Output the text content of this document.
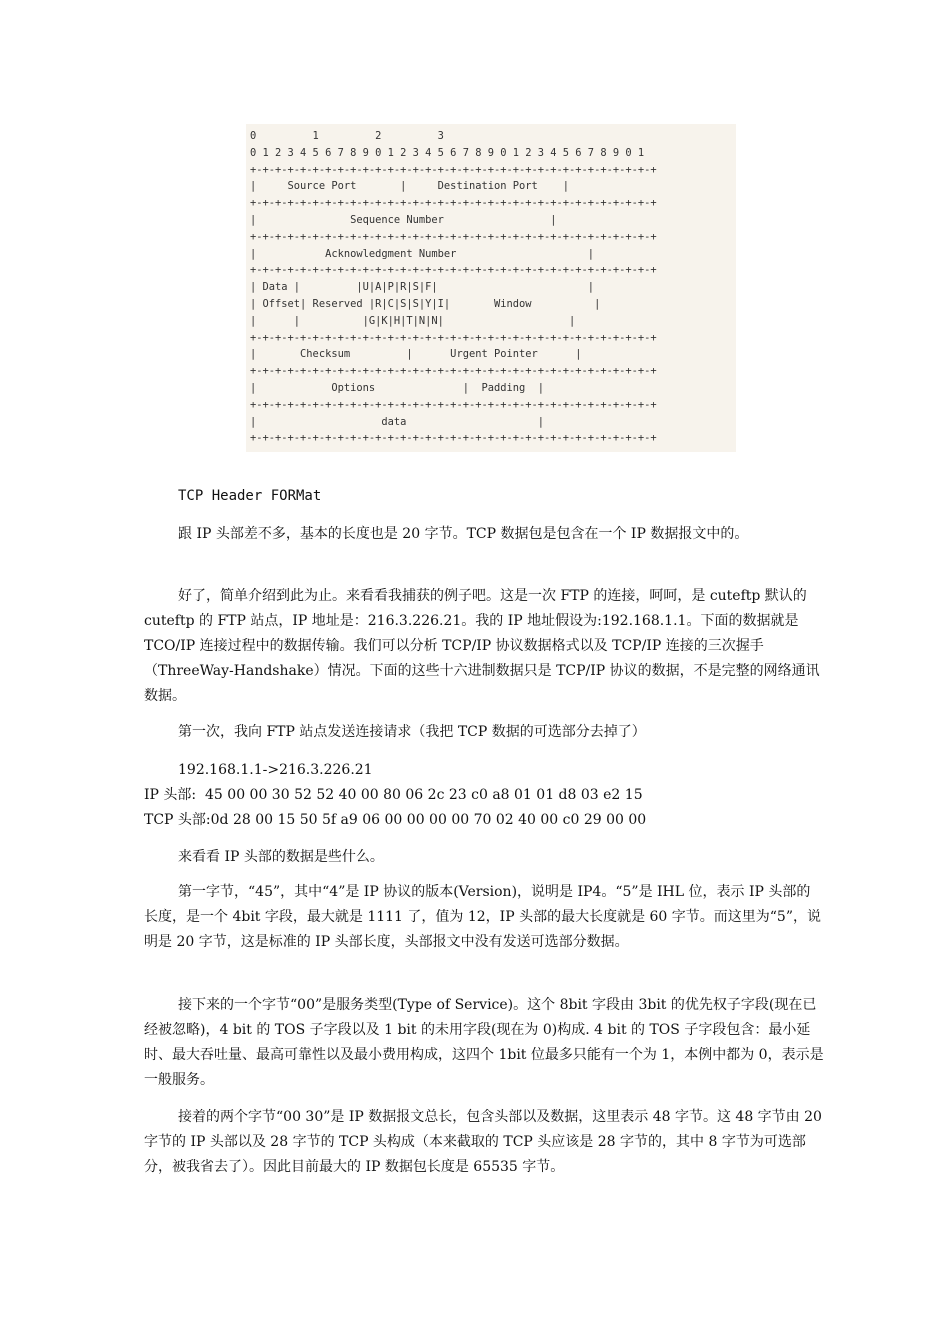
0         1         2         3
0 1 2 3 4 5 6 7 8 9 0 1 2 3 4 5 6 7 8 9 0 1 2 3 4 5 6 7 8 9 0 1
+-+-+-+-+-+-+-+-+-+-+-+-+-+-+-+-+-+-+-+-+-+-+-+-+-+-+-+-+-+-+-+-+
|     Source Port       |     Destination Port    |
+-+-+-+-+-+-+-+-+-+-+-+-+-+-+-+-+-+-+-+-+-+-+-+-+-+-+-+-+-+-+-+-+
|               Sequence Number                 |
+-+-+-+-+-+-+-+-+-+-+-+-+-+-+-+-+-+-+-+-+-+-+-+-+-+-+-+-+-+-+-+-+
|           Acknowledgment Number                     |
+-+-+-+-+-+-+-+-+-+-+-+-+-+-+-+-+-+-+-+-+-+-+-+-+-+-+-+-+-+-+-+-+
| Data |         |U|A|P|R|S|F|                        |
| Offset| Reserved |R|C|S|S|Y|I|       Window          |
|      |          |G|K|H|T|N|N|                    |
+-+-+-+-+-+-+-+-+-+-+-+-+-+-+-+-+-+-+-+-+-+-+-+-+-+-+-+-+-+-+-+-+
|       Checksum         |      Urgent Pointer      |
+-+-+-+-+-+-+-+-+-+-+-+-+-+-+-+-+-+-+-+-+-+-+-+-+-+-+-+-+-+-+-+-+
|            Options              |  Padding  |
+-+-+-+-+-+-+-+-+-+-+-+-+-+-+-+-+-+-+-+-+-+-+-+-+-+-+-+-+-+-+-+-+
|                    data                     |
+-+-+-+-+-+-+-+-+-+-+-+-+-+-+-+-+-+-+-+-+-+-+-+-+-+-+-+-+-+-+-+-+
TCP Header FORMat

跟 IP 头部差不多，基本的长度也是 20 字节。TCP 数据包是包含在一个 IP 数据报文中的。

好了，简单介绍到此为止。来看看我捕获的例子吧。这是一次 FTP 的连接，呵呵，是 cuteftp 默认的 cuteftp 的 FTP 站点，IP 地址是：216.3.226.21。我的 IP 地址假设为:192.168.1.1。下面的数据就是 TCO/IP 连接过程中的数据传输。我们可以分析 TCP/IP 协议数据格式以及 TCP/IP 连接的三次握手（ThreeWay-Handshake）情况。下面的这些十六进制数据只是 TCP/IP 协议的数据，不是完整的网络通讯数据。

第一次，我向 FTP 站点发送连接请求（我把 TCP 数据的可选部分去掉了）

192.168.1.1->216.3.226.21

IP 头部:  45 00 00 30 52 52 40 00 80 06 2c 23 c0 a8 01 01 d8 03 e2 15

TCP 头部:0d 28 00 15 50 5f a9 06 00 00 00 00 70 02 40 00 c0 29 00 00

来看看 IP 头部的数据是些什么。

第一字节，“45”，其中“4”是 IP 协议的版本(Version)，说明是 IP4。“5”是 IHL 位，表示 IP 头部的长度，是一个 4bit 字段，最大就是 1111 了，值为 12，IP 头部的最大长度就是 60 字节。而这里为“5”，说明是 20 字节，这是标准的 IP 头部长度，头部报文中没有发送可选部分数据。

接下来的一个字节“00”是服务类型(Type of Service)。这个 8bit 字段由 3bit 的优先权子字段(现在已经被忽略)，4 bit 的 TOS 子字段以及 1 bit 的未用字段(现在为 0)构成. 4 bit 的 TOS 子字段包含：最小延时、最大吞吐量、最高可靠性以及最小费用构成，这四个 1bit 位最多只能有一个为 1，本例中都为 0，表示是一般服务。

接着的两个字节“00 30”是 IP 数据报文总长，包含头部以及数据，这里表示 48 字节。这 48 字节由 20 字节的 IP 头部以及 28 字节的 TCP 头构成（本来截取的 TCP 头应该是 28 字节的，其中 8 字节为可选部分，被我省去了）。因此目前最大的 IP 数据包长度是 65535 字节。
